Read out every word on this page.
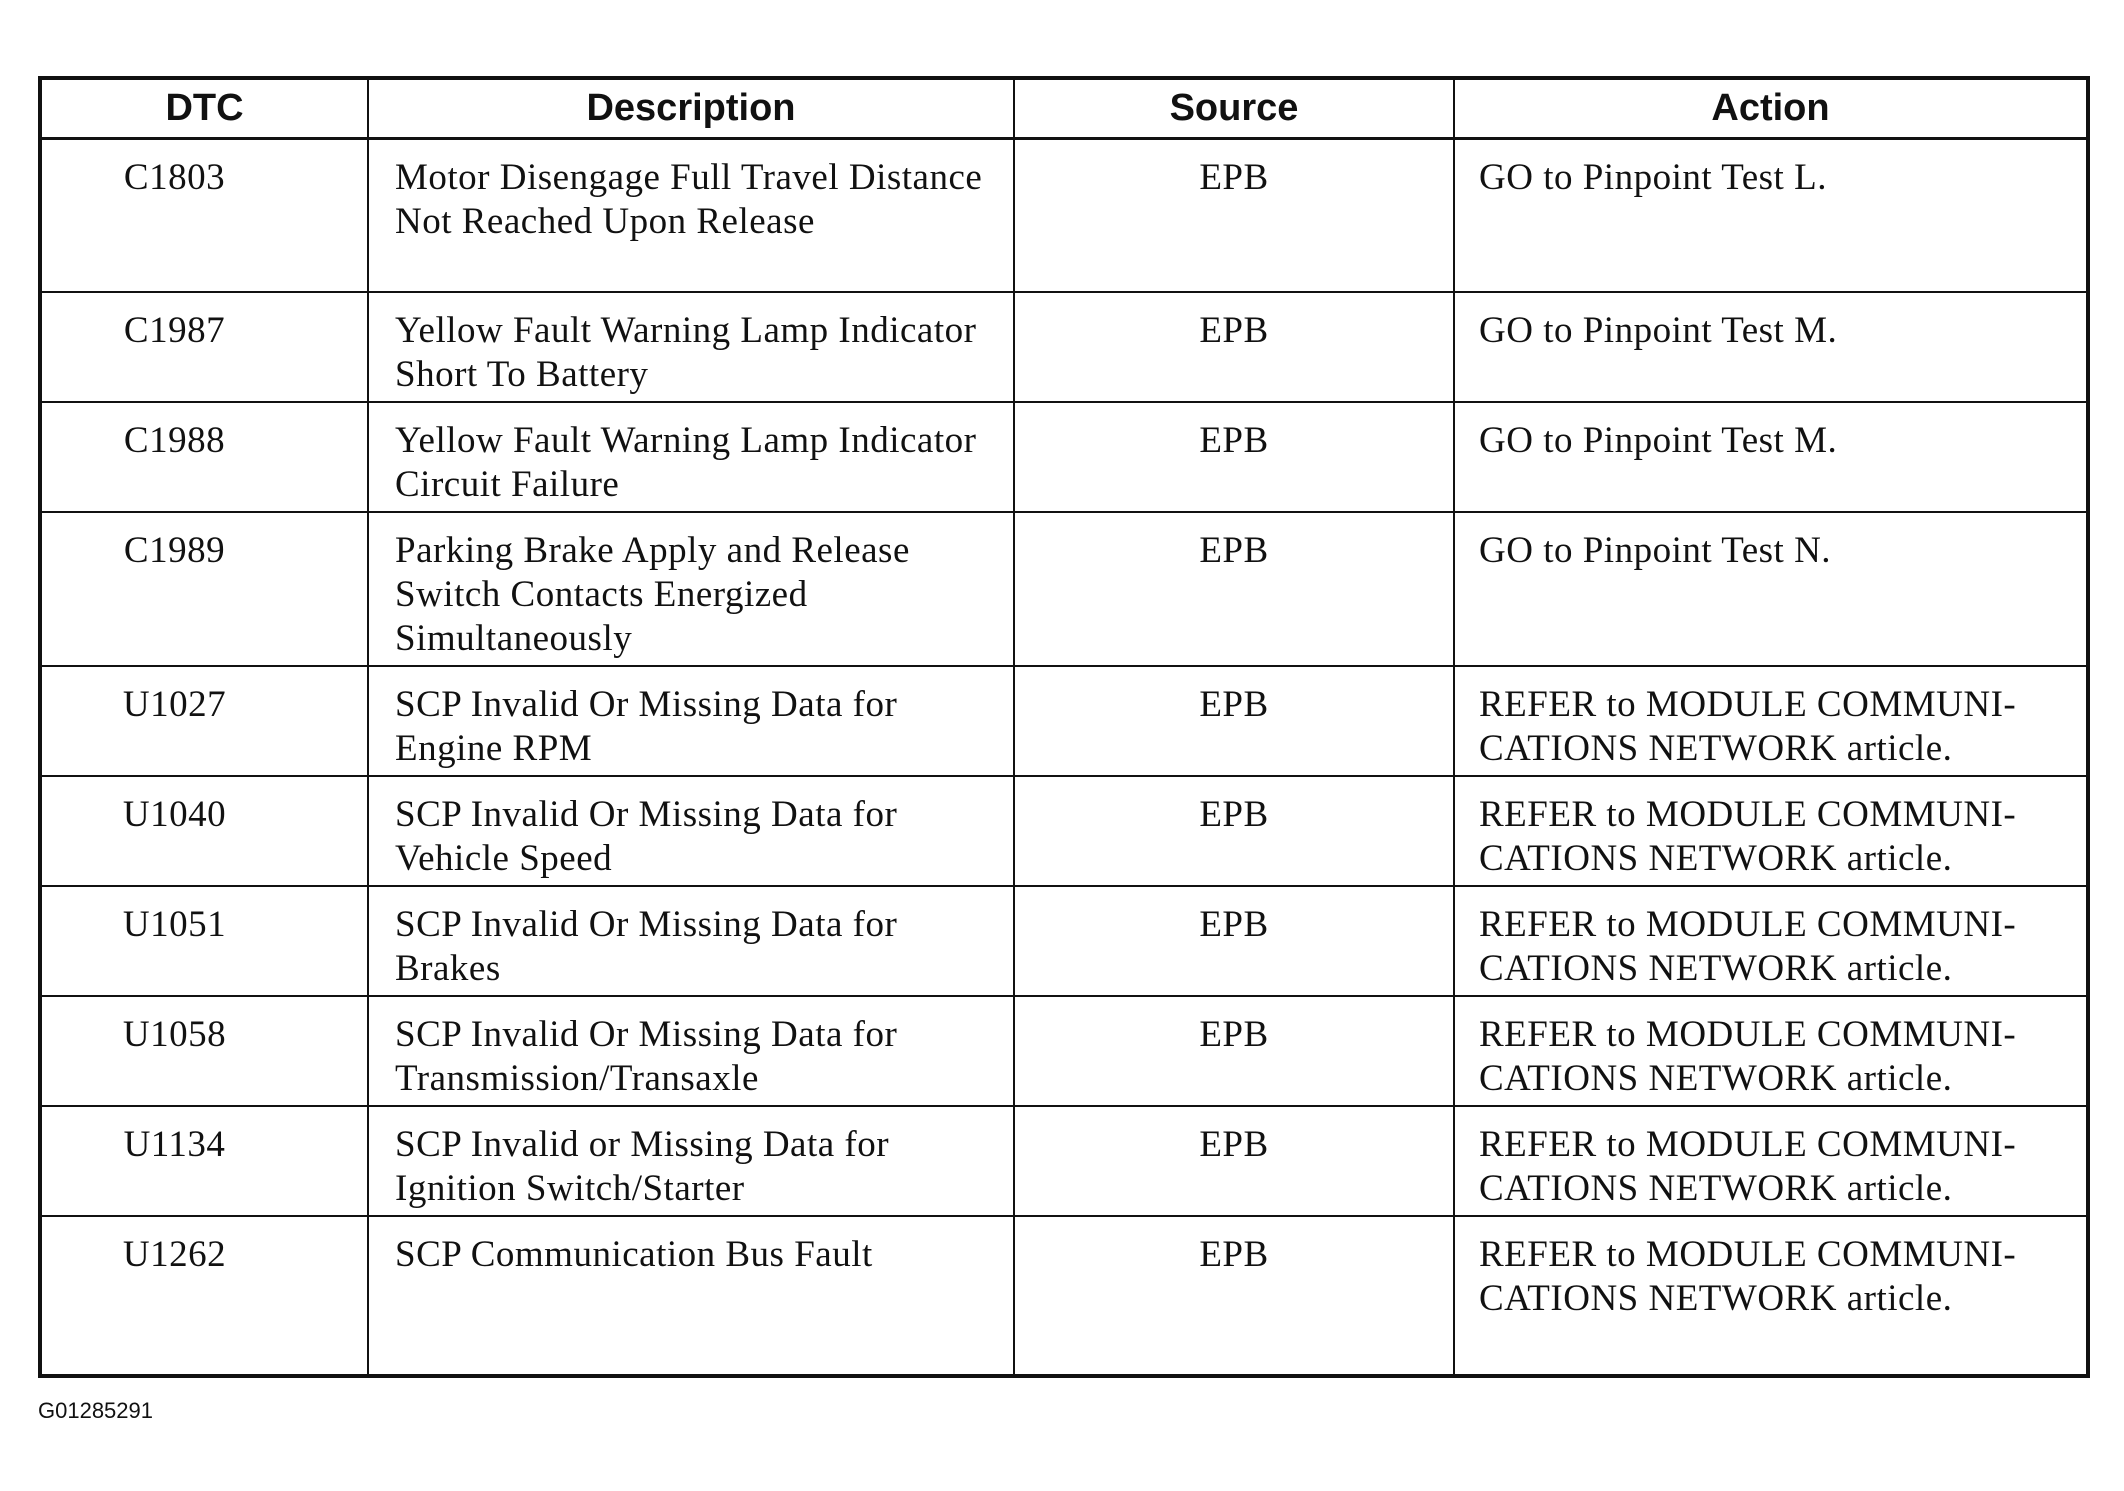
DTC	Description	Source	Action
C1803	Motor Disengage Full Travel Distance Not Reached Upon Release	EPB	GO to Pinpoint Test L.
C1987	Yellow Fault Warning Lamp Indicator Short To Battery	EPB	GO to Pinpoint Test M.
C1988	Yellow Fault Warning Lamp Indicator Circuit Failure	EPB	GO to Pinpoint Test M.
C1989	Parking Brake Apply and Release Switch Contacts Energized Simultaneously	EPB	GO to Pinpoint Test N.
U1027	SCP Invalid Or Missing Data for Engine RPM	EPB	REFER to MODULE COMMUNI-CATIONS NETWORK article.
U1040	SCP Invalid Or Missing Data for Vehicle Speed	EPB	REFER to MODULE COMMUNI-CATIONS NETWORK article.
U1051	SCP Invalid Or Missing Data for Brakes	EPB	REFER to MODULE COMMUNI-CATIONS NETWORK article.
U1058	SCP Invalid Or Missing Data for Transmission/Transaxle	EPB	REFER to MODULE COMMUNI-CATIONS NETWORK article.
U1134	SCP Invalid or Missing Data for Ignition Switch/Starter	EPB	REFER to MODULE COMMUNI-CATIONS NETWORK article.
U1262	SCP Communication Bus Fault	EPB	REFER to MODULE COMMUNI-CATIONS NETWORK article.
G01285291
